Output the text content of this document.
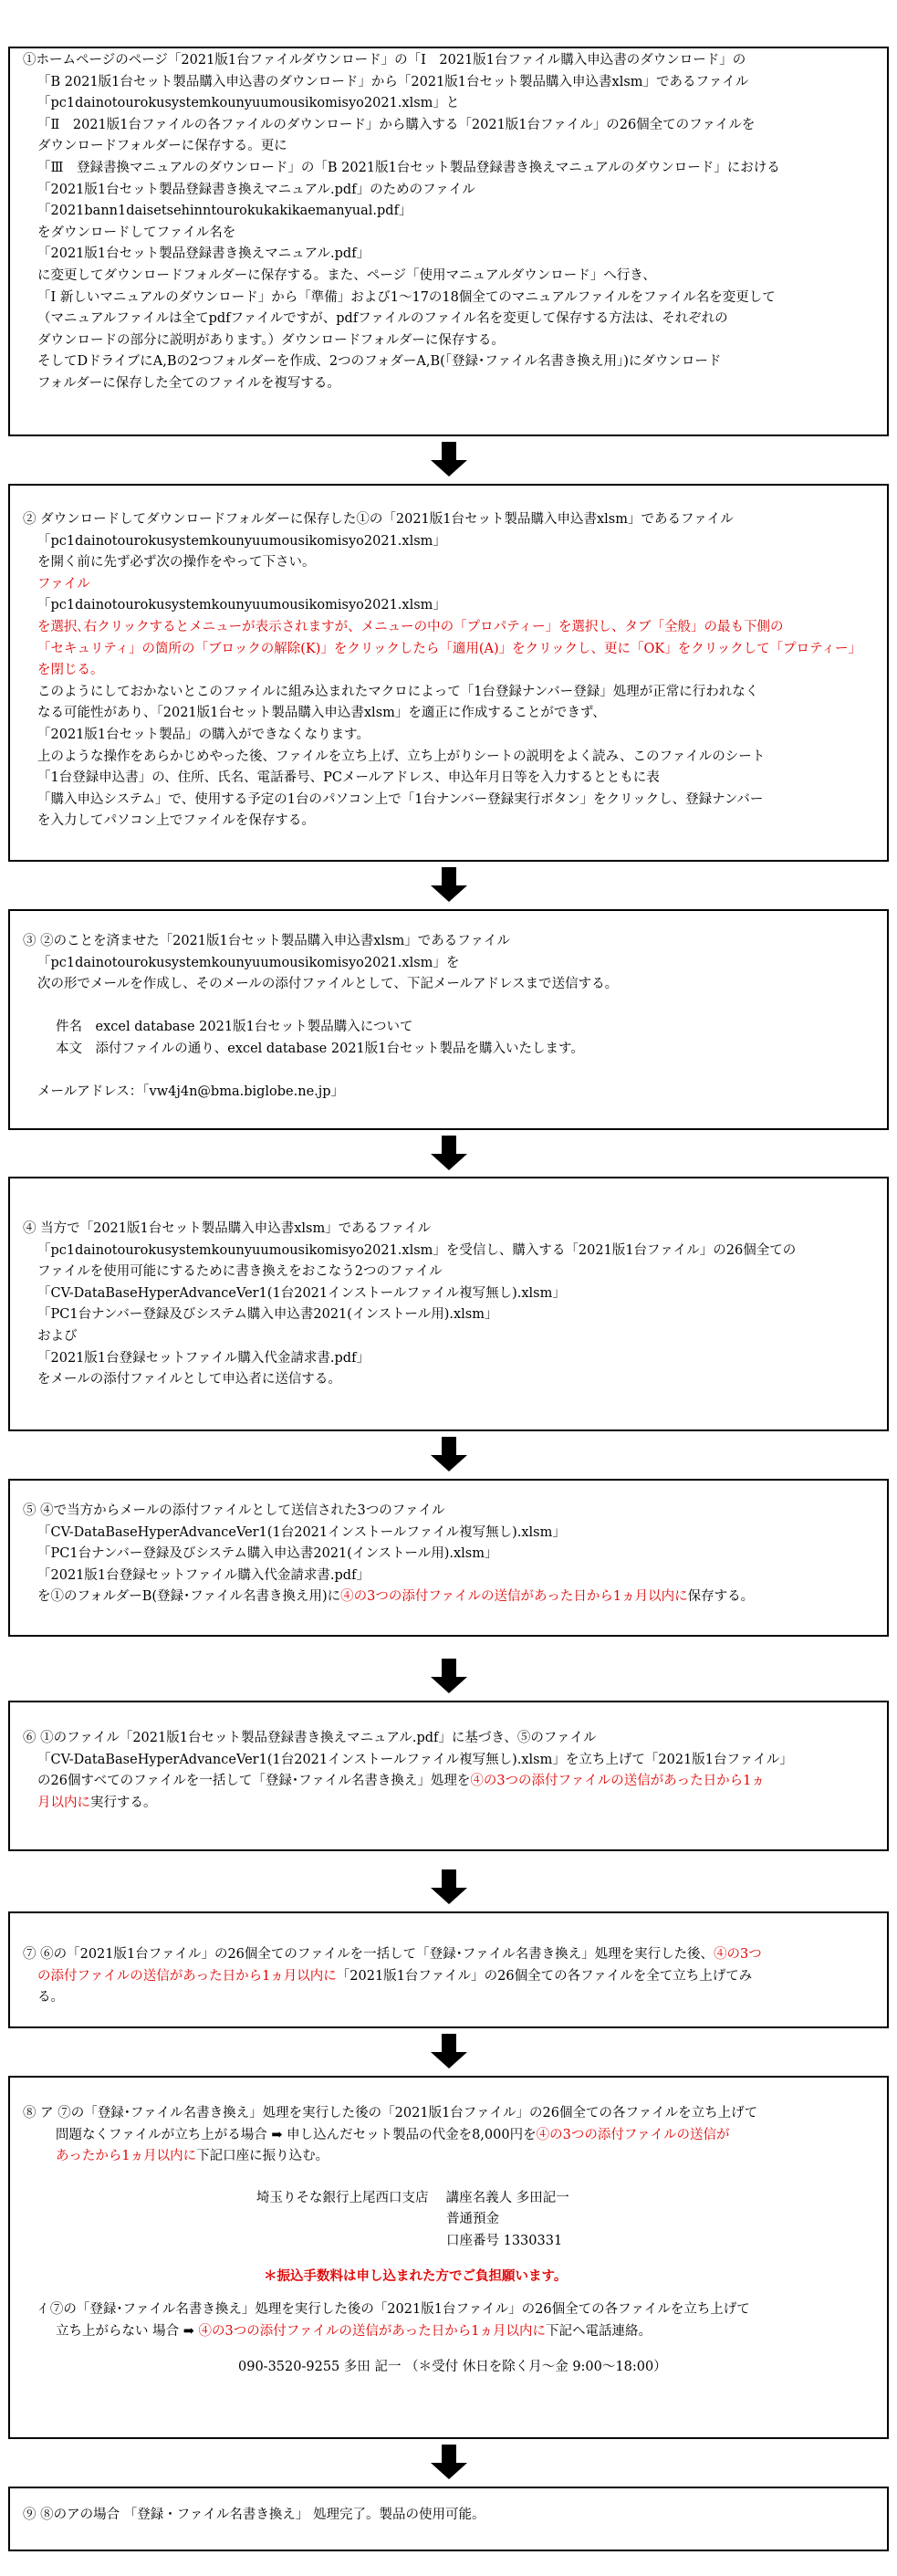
①ホームページのページ「2021版1台ファイルダウンロード」の「Ⅰ　2021版1台ファイル購入申込書のダウンロード」の
「B 2021版1台セット製品購入申込書のダウンロード」から「2021版1台セット製品購入申込書xlsm」であるファイル
「pc1dainotourokusystemkounyuumousikomisyo2021.xlsm」と
「Ⅱ　2021版1台ファイルの各ファイルのダウンロード」から購入する「2021版1台ファイル」の26個全てのファイルを
ダウンロードフォルダーに保存する。更に
「Ⅲ　登録書換マニュアルのダウンロード」の「B 2021版1台セット製品登録書き換えマニュアルのダウンロード」における
「2021版1台セット製品登録書き換えマニュアル.pdf」のためのファイル
「2021bann1daisetsehinntourokukakikaemanyual.pdf」
をダウンロードしてファイル名を
「2021版1台セット製品登録書き換えマニュアル.pdf」
に変更してダウンロードフォルダーに保存する。また、ページ「使用マニュアルダウンロード」へ行き、
「Ⅰ 新しいマニュアルのダウンロード」から「準備」および1〜17の18個全てのマニュアルファイルをファイル名を変更して
（マニュアルファイルは全てpdfファイルですが、pdfファイルのファイル名を変更して保存する方法は、それぞれの
ダウンロードの部分に説明があります。）ダウンロードフォルダーに保存する。
そしてDドライブにA,Bの2つフォルダーを作成、2つのフォダーA,B(「登録･ファイル名書き換え用」)にダウンロード
フォルダーに保存した全てのファイルを複写する。
② ダウンロードしてダウンロードフォルダーに保存した①の「2021版1台セット製品購入申込書xlsm」であるファイル
「pc1dainotourokusystemkounyuumousikomisyo2021.xlsm」
を開く前に先ず必ず次の操作をやって下さい。
ファイル
「pc1dainotourokusystemkounyuumousikomisyo2021.xlsm」
を選択､右クリックするとメニューが表示されますが、メニューの中の「プロパティー」を選択し、タブ「全般」の最も下側の
「セキュリティ」の箇所の「ブロックの解除(K)」をクリックしたら「適用(A)」をクリックし、更に「OK」をクリックして「プロティー」
を閉じる。
このようにしておかないとこのファイルに組み込まれたマクロによって「1台登録ナンバー登録」処理が正常に行われなく
なる可能性があり、「2021版1台セット製品購入申込書xlsm」を適正に作成することができず、
「2021版1台セット製品」の購入ができなくなります。
上のような操作をあらかじめやった後、ファイルを立ち上げ、立ち上がりシートの説明をよく読み、このファイルのシート
「1台登録申込書」の、住所、氏名、電話番号、PCメールアドレス、申込年月日等を入力するとともに表
「購入申込システム」で、使用する予定の1台のパソコン上で「1台ナンバー登録実行ボタン」をクリックし、登録ナンバー
を入力してパソコン上でファイルを保存する。
③ ②のことを済ませた「2021版1台セット製品購入申込書xlsm」であるファイル
「pc1dainotourokusystemkounyuumousikomisyo2021.xlsm」を
次の形でメールを作成し、そのメールの添付ファイルとして、下記メールアドレスまで送信する。

件名　excel database 2021版1台セット製品購入について
本文　添付ファイルの通り、excel database 2021版1台セット製品を購入いたします。

メールアドレス：「vw4j4n@bma.biglobe.ne.jp」
④ 当方で「2021版1台セット製品購入申込書xlsm」であるファイル
「pc1dainotourokusystemkounyuumousikomisyo2021.xlsm」を受信し、購入する「2021版1台ファイル」の26個全ての
ファイルを使用可能にするために書き換えをおこなう2つのファイル
「CV-DataBaseHyperAdvanceVer1(1台2021インストールファイル複写無し).xlsm」
「PC1台ナンバー登録及びシステム購入申込書2021(インストール用).xlsm」
および
「2021版1台登録セットファイル購入代金請求書.pdf」
をメールの添付ファイルとして申込者に送信する。
⑤ ④で当方からメールの添付ファイルとして送信された3つのファイル
「CV-DataBaseHyperAdvanceVer1(1台2021インストールファイル複写無し).xlsm」
「PC1台ナンバー登録及びシステム購入申込書2021(インストール用).xlsm」
「2021版1台登録セットファイル購入代金請求書.pdf」
を①のフォルダーB(登録･ファイル名書き換え用)に④の3つの添付ファイルの送信があった日から1ヵ月以内に保存する。
⑥ ①のファイル「2021版1台セット製品登録書き換えマニュアル.pdf」に基づき、⑤のファイル
「CV-DataBaseHyperAdvanceVer1(1台2021インストールファイル複写無し).xlsm」を立ち上げて「2021版1台ファイル」
の26個すべてのファイルを一括して「登録･ファイル名書き換え」処理を④の3つの添付ファイルの送信があった日から1ヵ
月以内に実行する。
⑦ ⑥の「2021版1台ファイル」の26個全てのファイルを一括して「登録･ファイル名書き換え」処理を実行した後、④の3つ
の添付ファイルの送信があった日から1ヵ月以内に「2021版1台ファイル」の26個全ての各ファイルを全て立ち上げてみ
る。
⑧ ア ⑦の「登録･ファイル名書き換え」処理を実行した後の「2021版1台ファイル」の26個全ての各ファイルを立ち上げて
問題なくファイルが立ち上がる場合 ➡ 申し込んだセット製品の代金を8,000円を④の3つの添付ファイルの送信が
あったから1ヵ月以内に下記口座に振り込む。
埼玉りそな銀行上尾西口支店　 講座名義人 多田記一
普通預金
口座番号 1330331
＊振込手数料は申し込まれた方でご負担願います。
ｲ ⑦の「登録･ファイル名書き換え」処理を実行した後の「2021版1台ファイル」の26個全ての各ファイルを立ち上げて
立ち上がらない 場合 ➡ ④の3つの添付ファイルの送信があった日から1ヵ月以内に下記へ電話連絡。
090-3520-9255 多田 記一 （＊受付 休日を除く月〜金 9:00〜18:00）
⑨ ⑧のアの場合 「登録・ファイル名書き換え」 処理完了。製品の使用可能。
